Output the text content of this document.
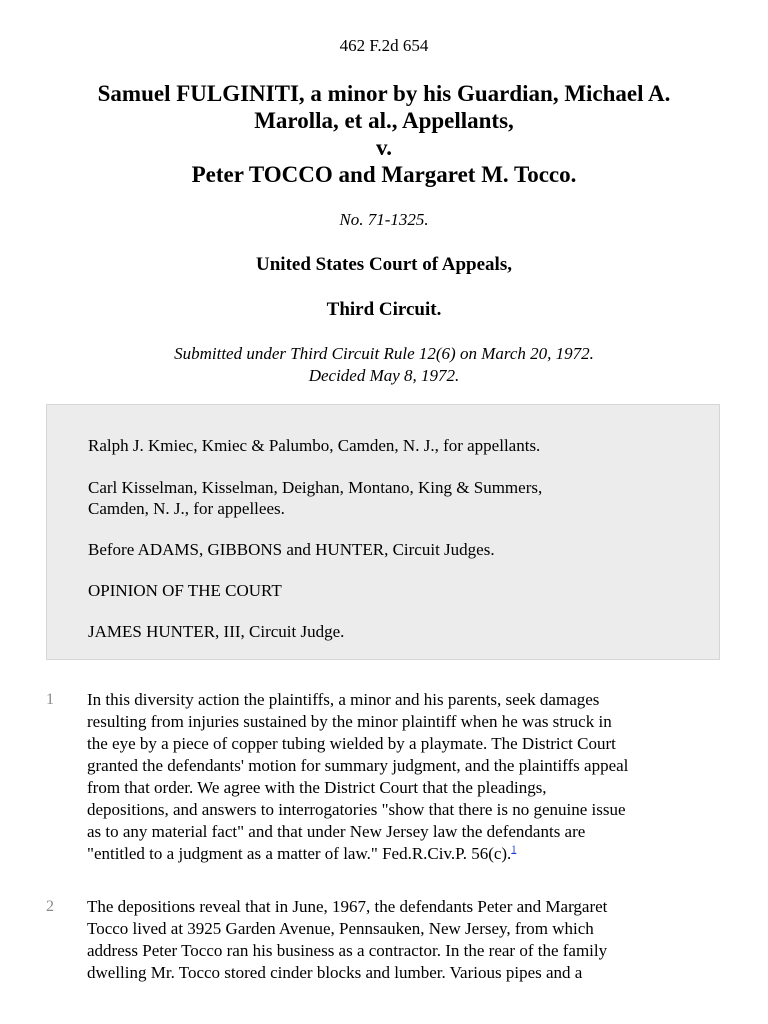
462 F.2d 654
Samuel FULGINITI, a minor by his Guardian, Michael A.
Marolla, et al., Appellants,
v.
Peter TOCCO and Margaret M. Tocco.
No. 71-1325.
United States Court of Appeals,
Third Circuit.
Submitted under Third Circuit Rule 12(6) on March 20, 1972.
Decided May 8, 1972.

Ralph J. Kmiec, Kmiec & Palumbo, Camden, N. J., for appellants.

Carl Kisselman, Kisselman, Deighan, Montano, King & Summers,
Camden, N. J., for appellees.

Before ADAMS, GIBBONS and HUNTER, Circuit Judges.

OPINION OF THE COURT

JAMES HUNTER, III, Circuit Judge.

1 In this diversity action the plaintiffs, a minor and his parents, seek damages
resulting from injuries sustained by the minor plaintiff when he was struck in
the eye by a piece of copper tubing wielded by a playmate. The District Court
granted the defendants' motion for summary judgment, and the plaintiffs appeal
from that order. We agree with the District Court that the pleadings,
depositions, and answers to interrogatories "show that there is no genuine issue
as to any material fact" and that under New Jersey law the defendants are
"entitled to a judgment as a matter of law." Fed.R.Civ.P. 56(c).$^1$

2 The depositions reveal that in June, 1967, the defendants Peter and Margaret
Tocco lived at 3925 Garden Avenue, Pennsauken, New Jersey, from which
address Peter Tocco ran his business as a contractor. In the rear of the family
dwelling Mr. Tocco stored cinder blocks and lumber. Various pipes and a
